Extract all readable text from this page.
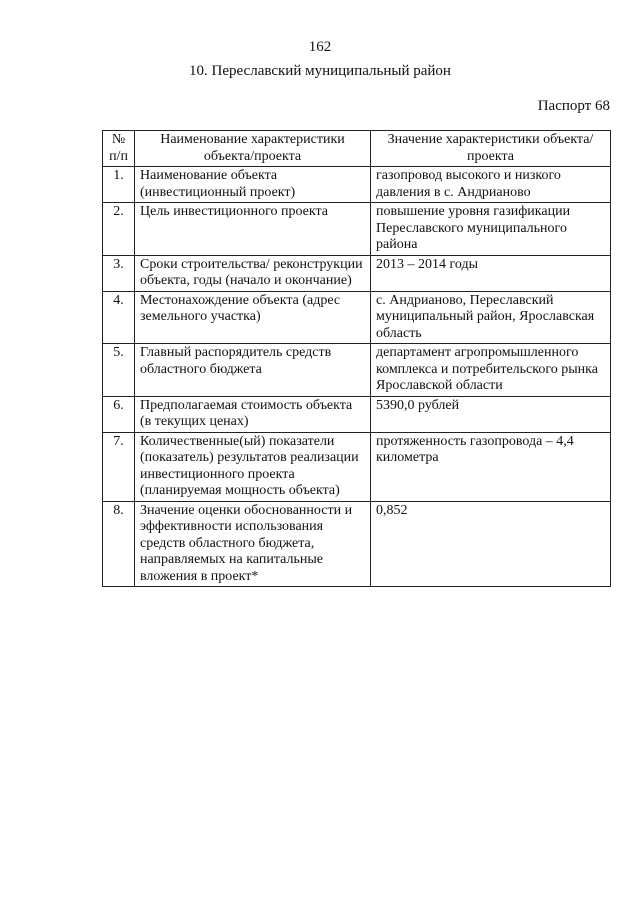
162
10. Переславский муниципальный район
Паспорт 68
№ п/п	Наименование характеристики объекта/проекта	Значение характеристики объекта/проекта
1.	Наименование объекта (инвестиционный проект)	газопровод высокого и низкого давления в с. Андрианово
2.	Цель инвестиционного проекта	повышение уровня газификации Переславского муниципального района
3.	Сроки строительства/ реконструкции объекта, годы (начало и окончание)	2013 – 2014 годы
4.	Местонахождение объекта (адрес земельного участка)	с. Андрианово, Переславский муниципальный район, Ярославская область
5.	Главный распорядитель средств областного бюджета	департамент агропромышленного комплекса и потребительского рынка Ярославской области
6.	Предполагаемая стоимость объекта (в текущих ценах)	5390,0 рублей
7.	Количественные(ый) показатели (показатель) результатов реализации инвестиционного проекта (планируемая мощность объекта)	протяженность газопровода – 4,4 километра
8.	Значение оценки обоснованности и эффективности использования средств областного бюджета, направляемых на капитальные вложения в проект*	0,852
